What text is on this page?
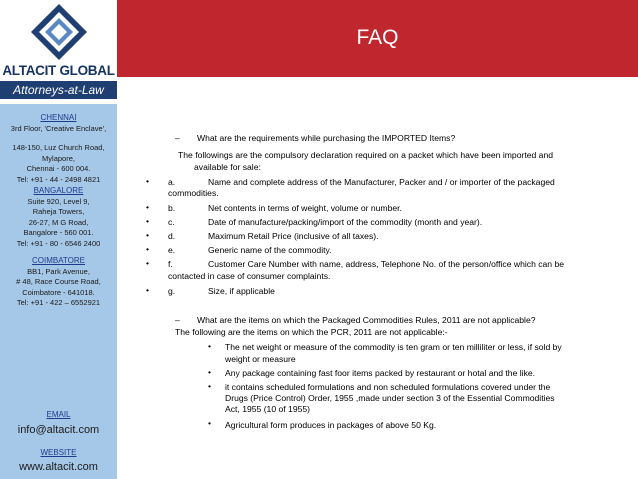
ALTACIT GLOBAL
Attorneys-at-Law
CHENNAI
3rd Floor, 'Creative Enclave',
148-150, Luz Church Road,
Mylapore,
Chennai - 600 004.
Tel: +91 - 44 - 2498 4821
BANGALORE
Suite 920, Level 9,
Raheja Towers,
26-27, M G Road,
Bangalore - 560 001.
Tel: +91 - 80 - 6546 2400
COIMBATORE
BB1, Park Avenue,
# 48, Race Course Road,
Coimbatore - 641018.
Tel: +91 - 422 – 6552921
EMAIL
info@altacit.com
WEBSITE
www.altacit.com
FAQ
– What are the requirements while purchasing the IMPORTED Items?
The followings are the compulsory declaration required on a packet which have been imported and
available for sale:
• a.	Name and complete address of the Manufacturer, Packer and / or importer of the packaged
commodities.
• b.	Net contents in terms of weight, volume or number.
• c.	Date of manufacture/packing/import of the commodity (month and year).
• d.	Maximum Retail Price (inclusive of all taxes).
• e.	Generic name of the commodity.
• f.	Customer Care Number with name, address, Telephone No. of the person/office which can be
contacted in case of consumer complaints.
• g.	Size, if applicable
– What are the items on which the Packaged Commodities Rules, 2011 are not applicable?
The following are the items on which the PCR, 2011 are not applicable:-
• The net weight or measure of the commodity is ten gram or ten milliliter or less, if sold by
weight or measure
• Any package containing fast foor items packed by restaurant or hotal and the like.
• it contains scheduled formulations and non scheduled formulations covered under the
Drugs (Price Control) Order, 1955 ,made under section 3 of the Essential Commodities
Act, 1955 (10 of 1955)
• Agricultural form produces in packages of above 50 Kg.
